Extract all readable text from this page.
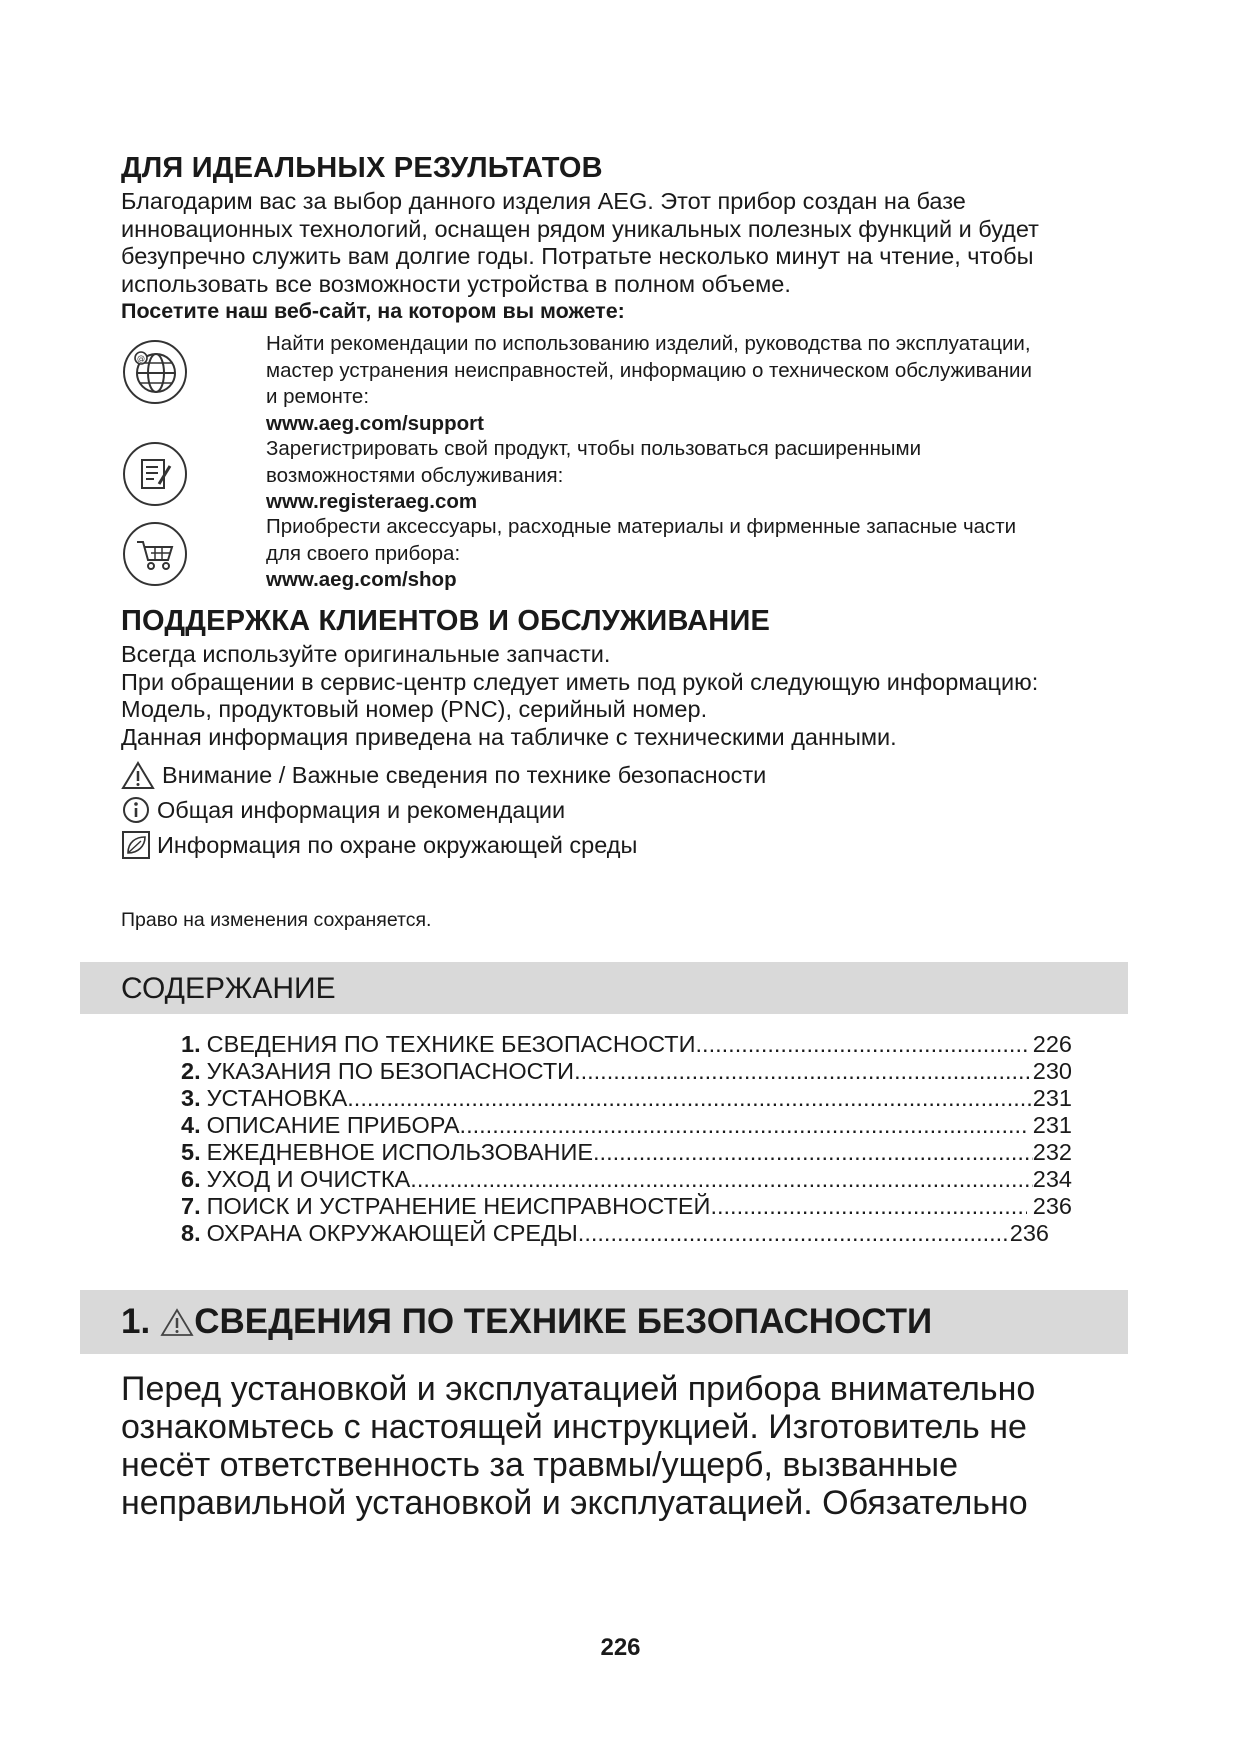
ДЛЯ ИДЕАЛЬНЫХ РЕЗУЛЬТАТОВ
Благодарим вас за выбор данного изделия AEG. Этот прибор создан на базе
инновационных технологий, оснащен рядом уникальных полезных функций и будет
безупречно служить вам долгие годы. Потратьте несколько минут на чтение, чтобы
использовать все возможности устройства в полном объеме.
Посетите наш веб-сайт, на котором вы можете:
@
Найти рекомендации по использованию изделий, руководства по эксплуатации,
мастер устранения неисправностей, информацию о техническом обслуживании
и ремонте:
www.aeg.com/support
Зарегистрировать свой продукт, чтобы пользоваться расширенными
возможностями обслуживания:
www.registeraeg.com
Приобрести аксессуары, расходные материалы и фирменные запасные части
для своего прибора:
www.aeg.com/shop
ПОДДЕРЖКА КЛИЕНТОВ И ОБСЛУЖИВАНИЕ
Всегда используйте оригинальные запчасти.
При обращении в сервис-центр следует иметь под рукой следующую информацию:
Модель, продуктовый номер (PNC), серийный номер.
Данная информация приведена на табличке с техническими данными.
Внимание / Важные сведения по технике безопасности
Общая информация и рекомендации
Информация по охране окружающей среды
Право на изменения сохраняется.
СОДЕРЖАНИЕ
1. СВЕДЕНИЯ ПО ТЕХНИКЕ БЕЗОПАСНОСТИ .....	226
2. УКАЗАНИЯ ПО БЕЗОПАСНОСТИ .....	230
3. УСТАНОВКА .....	231
4. ОПИСАНИЕ ПРИБОРА .....	231
5. ЕЖЕДНЕВНОЕ ИСПОЛЬЗОВАНИЕ .....	232
6. УХОД И ОЧИСТКА .....	234
7. ПОИСК И УСТРАНЕНИЕ НЕИСПРАВНОСТЕЙ .....	236
8. ОХРАНА ОКРУЖАЮЩЕЙ СРЕДЫ .....	236
1. СВЕДЕНИЯ ПО ТЕХНИКЕ БЕЗОПАСНОСТИ
Перед установкой и эксплуатацией прибора внимательно
ознакомьтесь с настоящей инструкцией. Изготовитель не
несёт ответственность за травмы/ущерб, вызванные
неправильной установкой и эксплуатацией. Обязательно
226
